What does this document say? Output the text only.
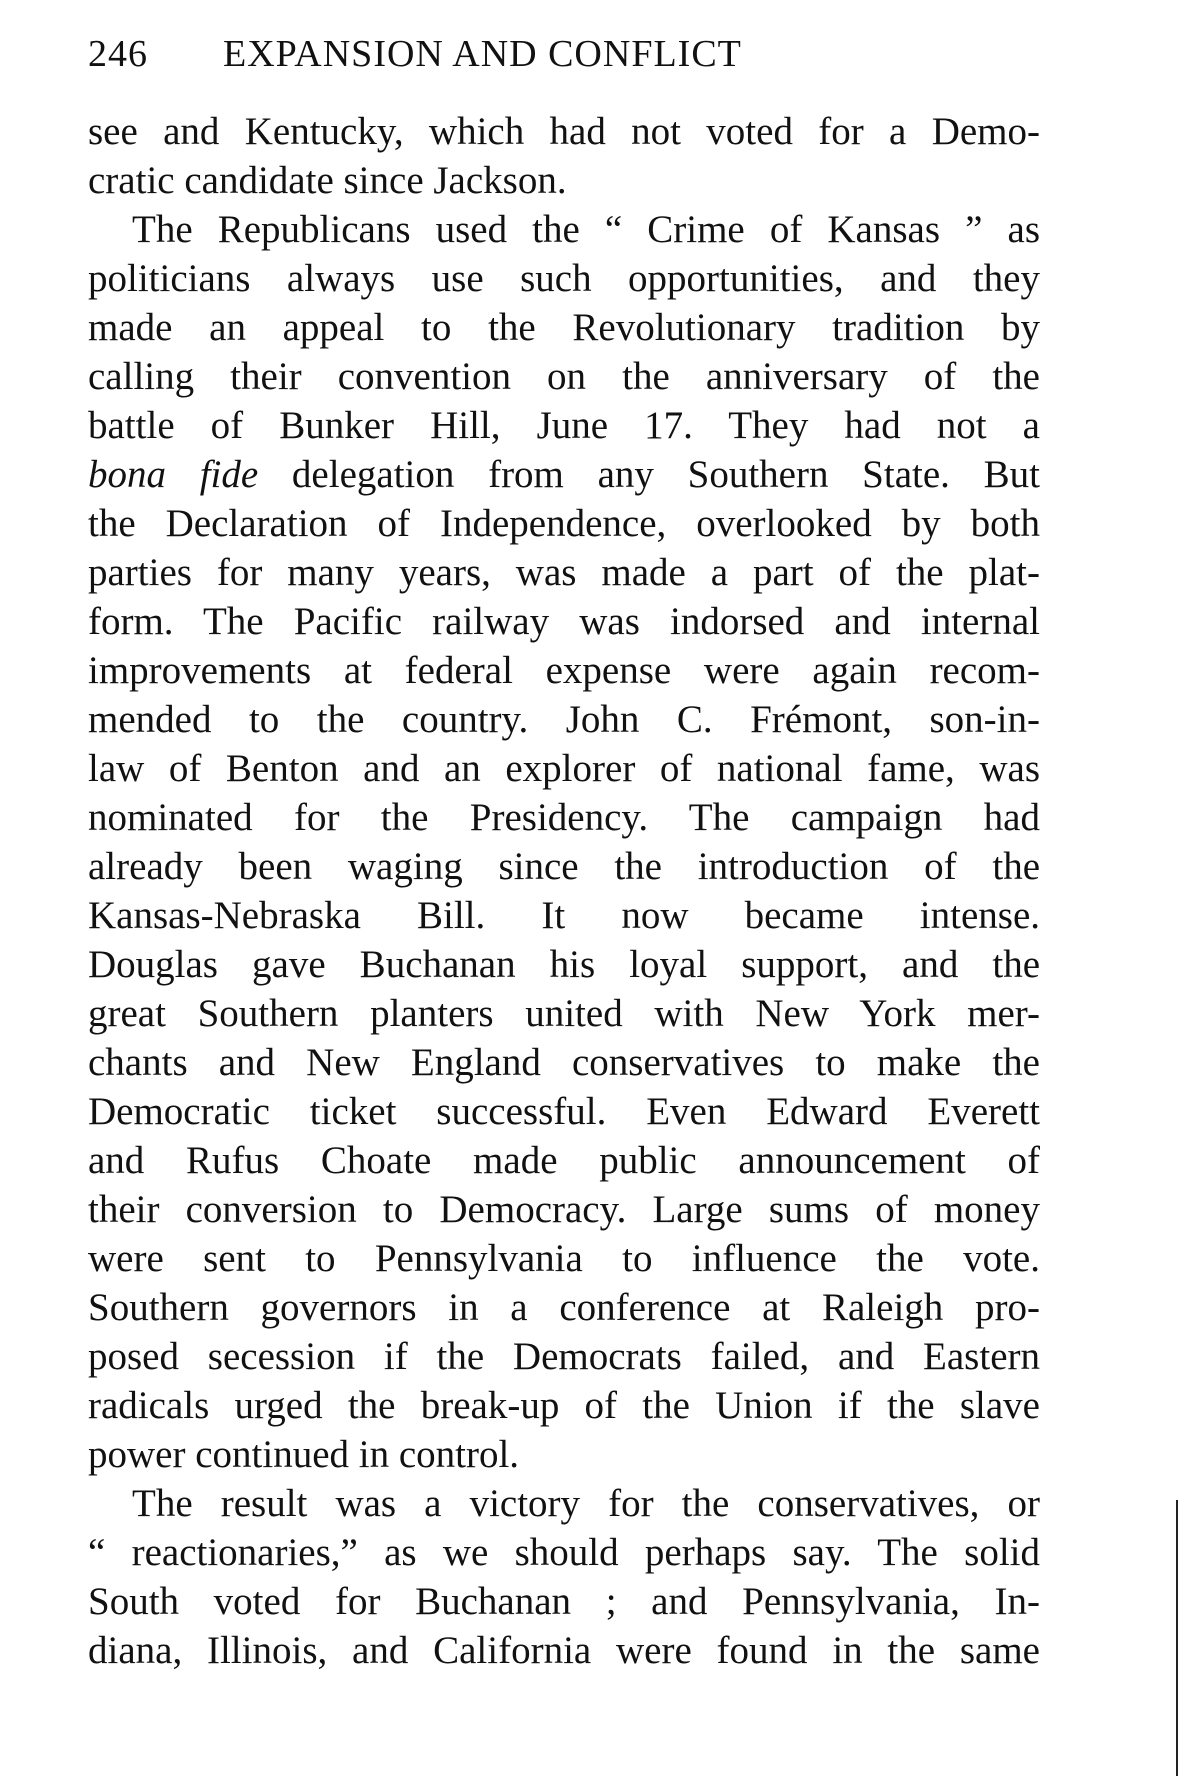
246 EXPANSION AND CONFLICT
see and Kentucky, which had not voted for a Demo-
cratic candidate since Jackson.
The Republicans used the “ Crime of Kansas ” as
politicians always use such opportunities, and they
made an appeal to the Revolutionary tradition by
calling their convention on the anniversary of the
battle of Bunker Hill, June 17. They had not a
bona fide delegation from any Southern State. But
the Declaration of Independence, overlooked by both
parties for many years, was made a part of the plat-
form. The Pacific railway was indorsed and internal
improvements at federal expense were again recom-
mended to the country. John C. Frémont, son-in-
law of Benton and an explorer of national fame, was
nominated for the Presidency. The campaign had
already been waging since the introduction of the
Kansas-Nebraska Bill. It now became intense.
Douglas gave Buchanan his loyal support, and the
great Southern planters united with New York mer-
chants and New England conservatives to make the
Democratic ticket successful. Even Edward Everett
and Rufus Choate made public announcement of
their conversion to Democracy. Large sums of money
were sent to Pennsylvania to influence the vote.
Southern governors in a conference at Raleigh pro-
posed secession if the Democrats failed, and Eastern
radicals urged the break-up of the Union if the slave
power continued in control.
The result was a victory for the conservatives, or
“ reactionaries,” as we should perhaps say. The solid
South voted for Buchanan ; and Pennsylvania, In-
diana, Illinois, and California were found in the same
